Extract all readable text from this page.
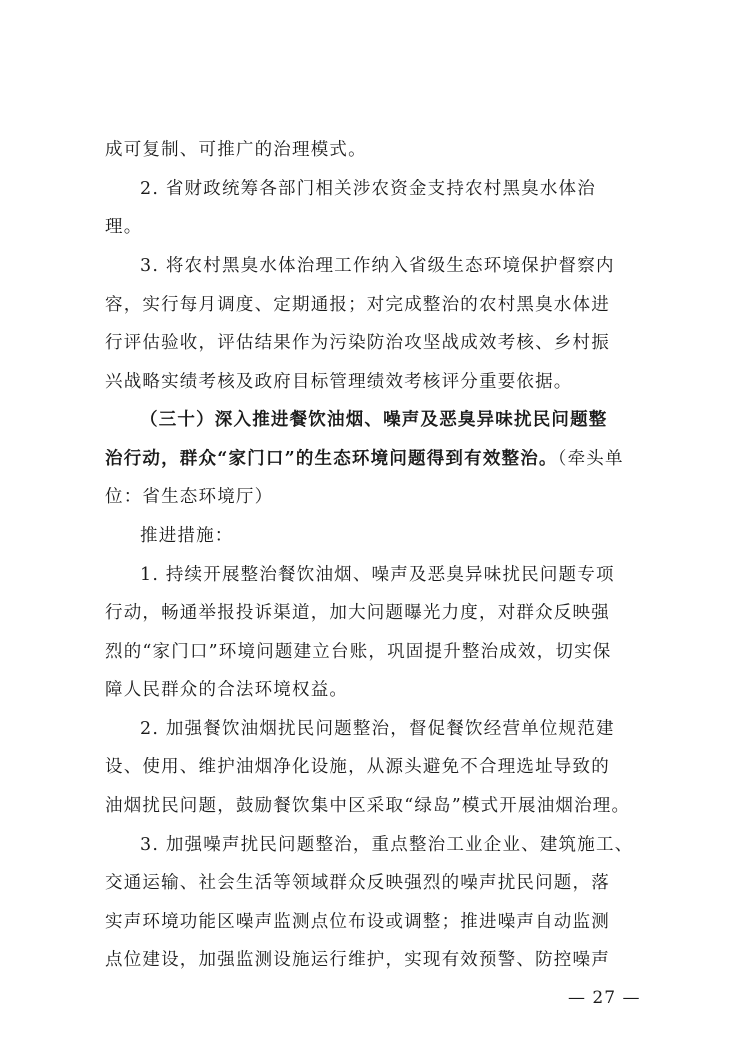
成可复制、可推广的治理模式。
2. 省财政统筹各部门相关涉农资金支持农村黑臭水体治
理。
3. 将农村黑臭水体治理工作纳入省级生态环境保护督察内
容，实行每月调度、定期通报；对完成整治的农村黑臭水体进
行评估验收，评估结果作为污染防治攻坚战成效考核、乡村振
兴战略实绩考核及政府目标管理绩效考核评分重要依据。
（三十）深入推进餐饮油烟、噪声及恶臭异味扰民问题整
治行动，群众“家门口”的生态环境问题得到有效整治。（牵头单
位：省生态环境厅）
推进措施：
1. 持续开展整治餐饮油烟、噪声及恶臭异味扰民问题专项
行动，畅通举报投诉渠道，加大问题曝光力度，对群众反映强
烈的“家门口”环境问题建立台账，巩固提升整治成效，切实保
障人民群众的合法环境权益。
2. 加强餐饮油烟扰民问题整治，督促餐饮经营单位规范建
设、使用、维护油烟净化设施，从源头避免不合理选址导致的
油烟扰民问题，鼓励餐饮集中区采取“绿岛”模式开展油烟治理。
3. 加强噪声扰民问题整治，重点整治工业企业、建筑施工、
交通运输、社会生活等领域群众反映强烈的噪声扰民问题，落
实声环境功能区噪声监测点位布设或调整；推进噪声自动监测
点位建设，加强监测设施运行维护，实现有效预警、防控噪声
— 27 —
